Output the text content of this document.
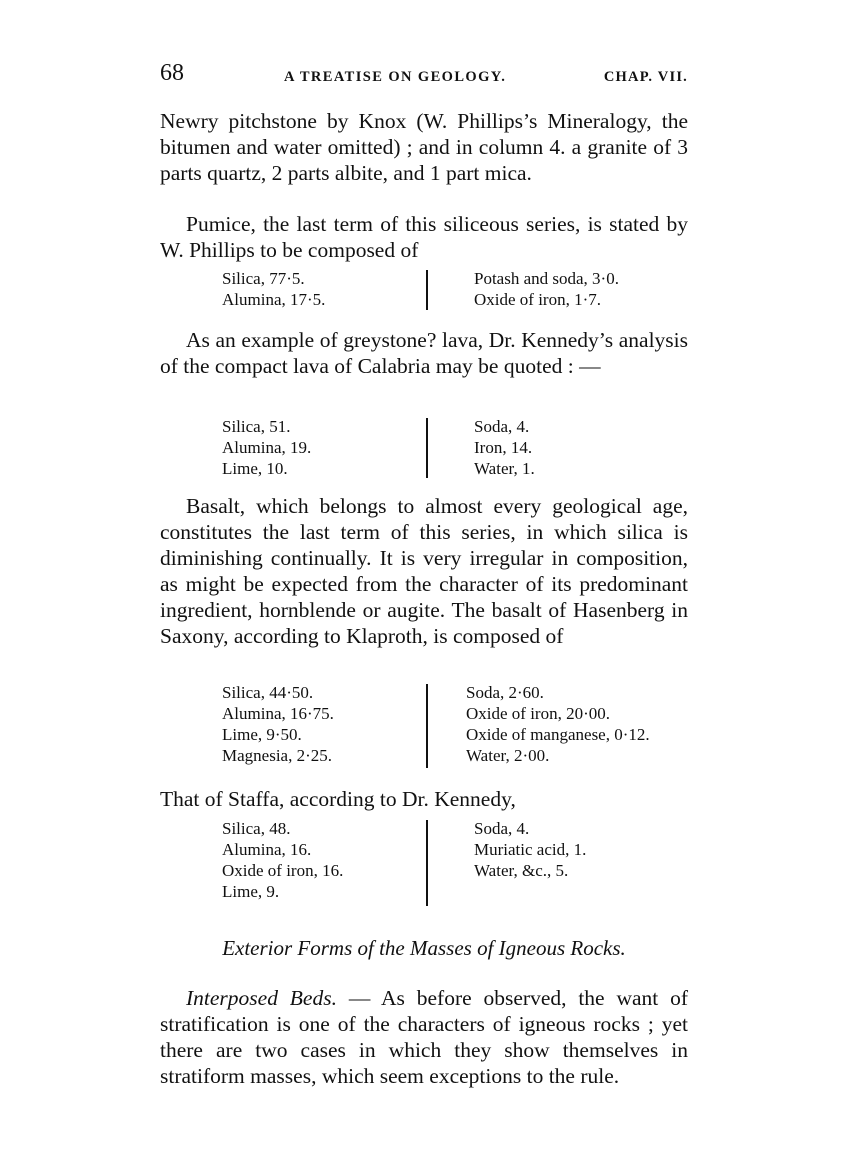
68	A TREATISE ON GEOLOGY.	CHAP. VII.

Newry pitchstone by Knox (W. Phillips’s Mineralogy, the bitumen and water omitted) ; and in column 4. a granite of 3 parts quartz, 2 parts albite, and 1 part mica.

Pumice, the last term of this siliceous series, is stated by W. Phillips to be composed of

Silica, 77·5.
Alumina, 17·5.
Potash and soda, 3·0.
Oxide of iron, 1·7.

As an example of greystone? lava, Dr. Kennedy’s analysis of the compact lava of Calabria may be quoted : —

Silica, 51.
Alumina, 19.
Lime, 10.
Soda, 4.
Iron, 14.
Water, 1.

Basalt, which belongs to almost every geological age, constitutes the last term of this series, in which silica is diminishing continually. It is very irregular in composition, as might be expected from the character of its predominant ingredient, hornblende or augite. The basalt of Hasenberg in Saxony, according to Klaproth, is composed of

Silica, 44·50.
Alumina, 16·75.
Lime, 9·50.
Magnesia, 2·25.
Soda, 2·60.
Oxide of iron, 20·00.
Oxide of manganese, 0·12.
Water, 2·00.

That of Staffa, according to Dr. Kennedy,

Silica, 48.
Alumina, 16.
Oxide of iron, 16.
Lime, 9.
Soda, 4.
Muriatic acid, 1.
Water, &c., 5.

Exterior Forms of the Masses of Igneous Rocks.

Interposed Beds. — As before observed, the want of stratification is one of the characters of igneous rocks ; yet there are two cases in which they show themselves in stratiform masses, which seem exceptions to the rule.
